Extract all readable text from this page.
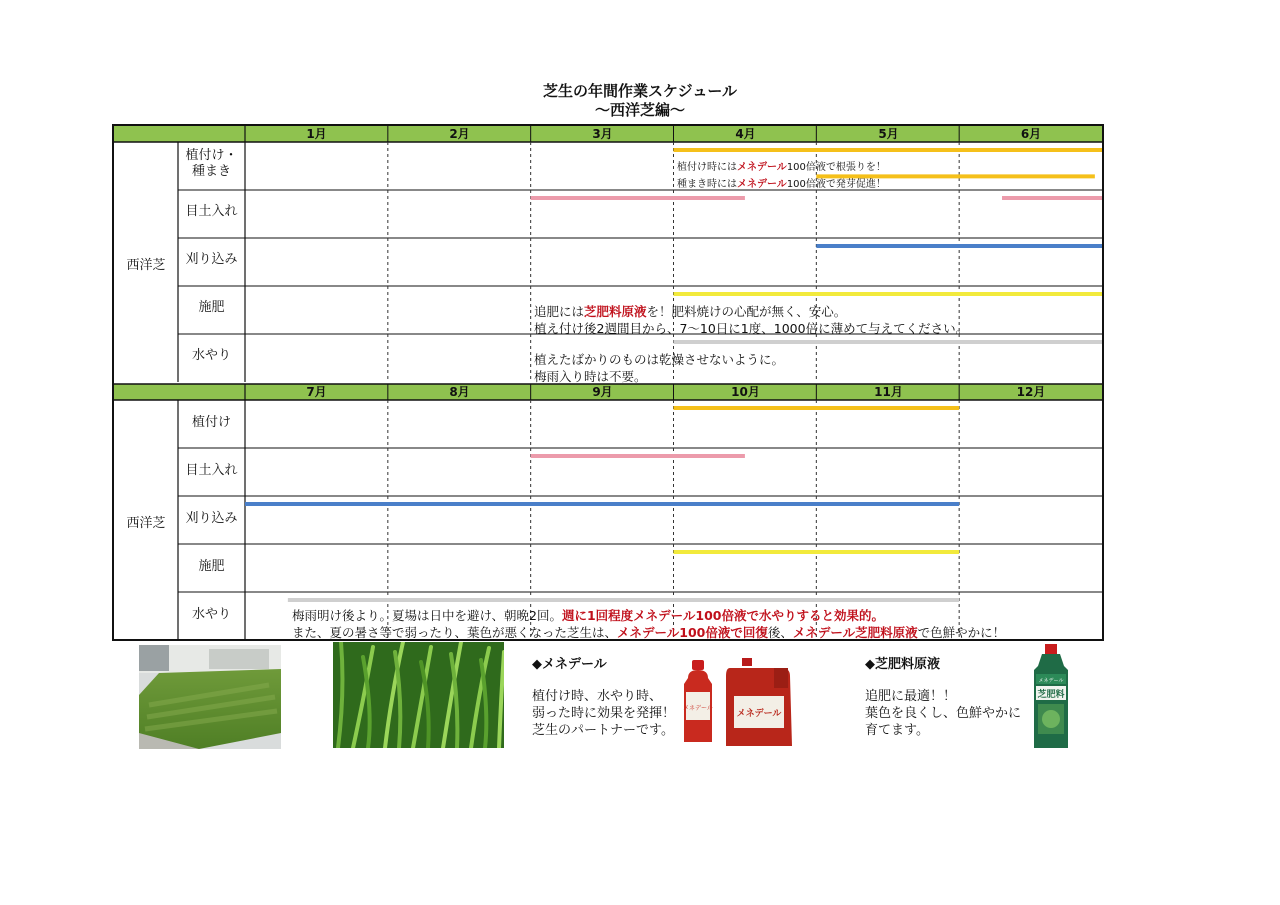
芝生の年間作業スケジュール
～西洋芝編～
1月	2月	3月	4月	5月	6月
西洋芝
植付け・
種まき
目土入れ
刈り込み
施肥
水やり
植付け時にはメネデール100倍液で根張りを！
種まき時にはメネデール100倍液で発芽促進！
追肥には芝肥料原液を！肥料焼けの心配が無く、安心。
植え付け後2週間目から、7～10日に1度、1000倍に薄めて与えてください。
植えたばかりのものは乾燥させないように。
梅雨入り時は不要。
7月	8月	9月	10月	11月	12月
西洋芝
植付け
目土入れ
刈り込み
施肥
水やり	梅雨明け後より。夏場は日中を避け、朝晩2回。週に1回程度メネデール100倍液で水やりすると効果的。
また、夏の暑さ等で弱ったり、葉色が悪くなった芝生は、メネデール100倍液で回復後、メネデール芝肥料原液で色鮮やかに！
◆メネデール
植付け時、水やり時、
弱った時に効果を発揮！
芝生のパートナーです。
メネデール
メネデール
◆芝肥料原液
追肥に最適！！
葉色を良くし、色鮮やかに
育てます。
メネデール
芝肥料
